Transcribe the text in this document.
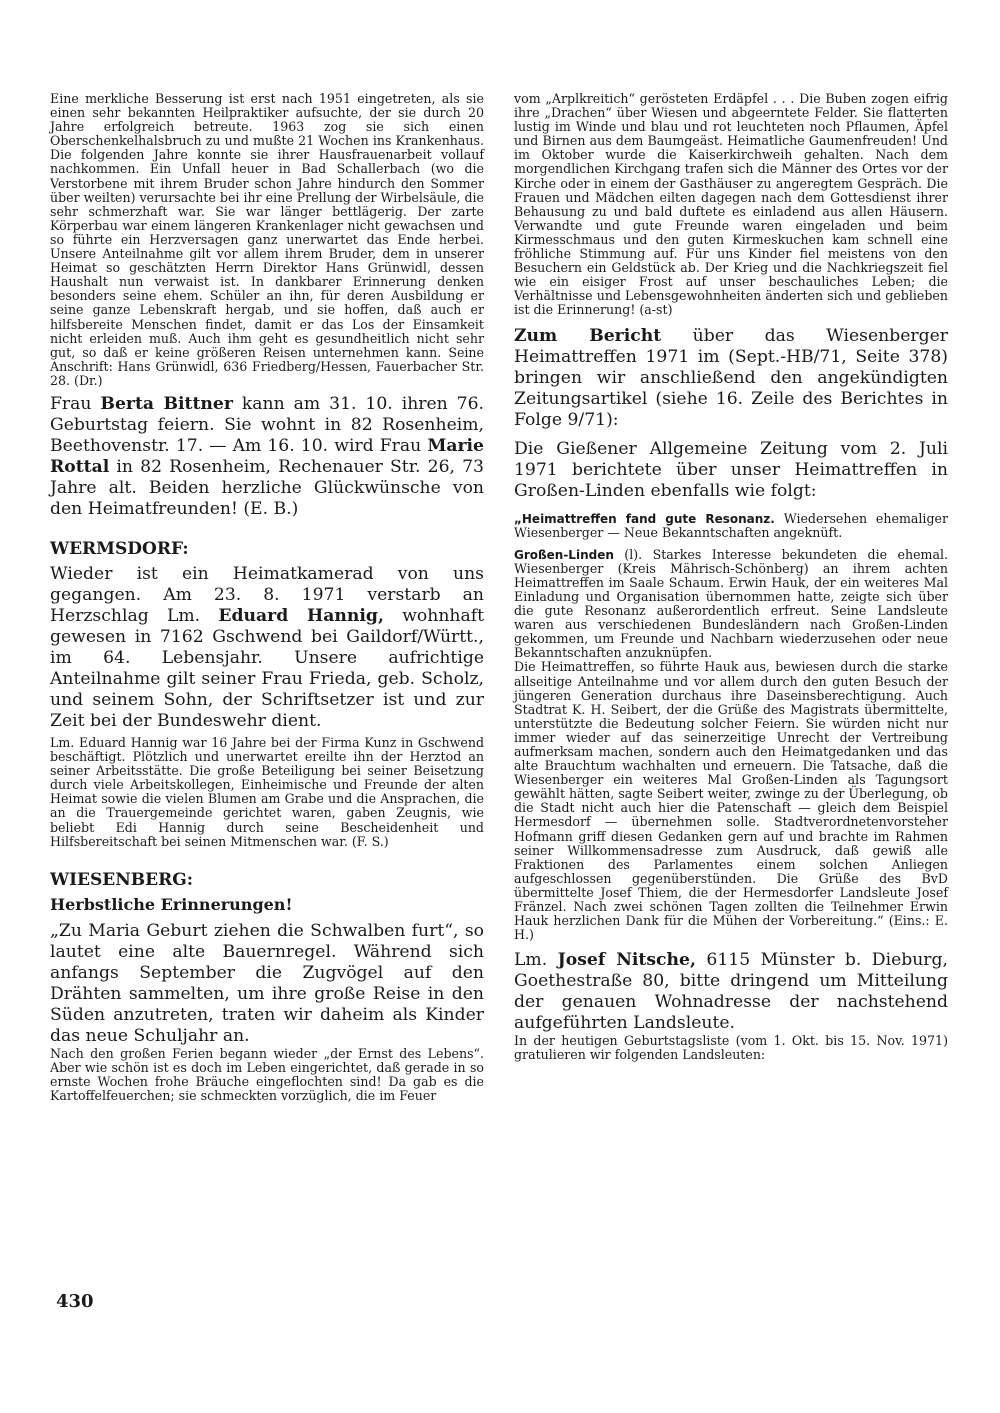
Eine merkliche Besserung ist erst nach 1951 eingetreten, als sie einen sehr bekannten Heilpraktiker aufsuchte, der sie durch 20 Jahre erfolgreich betreute. 1963 zog sie sich einen Oberschenkelhalsbruch zu und mußte 21 Wochen ins Krankenhaus. Die folgenden Jahre konnte sie ihrer Hausfrauenarbeit vollauf nachkommen. Ein Unfall heuer in Bad Schallerbach (wo die Verstorbene mit ihrem Bruder schon Jahre hindurch den Sommer über weilten) verursachte bei ihr eine Prellung der Wirbelsäule, die sehr schmerzhaft war. Sie war länger bettlägerig. Der zarte Körperbau war einem längeren Krankenlager nicht gewachsen und so führte ein Herzversagen ganz unerwartet das Ende herbei. Unsere Anteilnahme gilt vor allem ihrem Bruder, dem in unserer Heimat so geschätzten Herrn Direktor Hans Grünwidl, dessen Haushalt nun verwaist ist. In dankbarer Erinnerung denken besonders seine ehem. Schüler an ihn, für deren Ausbildung er seine ganze Lebenskraft hergab, und sie hoffen, daß auch er hilfsbereite Menschen findet, damit er das Los der Einsamkeit nicht erleiden muß. Auch ihm geht es gesundheitlich nicht sehr gut, so daß er keine größeren Reisen unternehmen kann. Seine Anschrift: Hans Grünwidl, 636 Friedberg/Hessen, Fauerbacher Str. 28. (Dr.)

Frau Berta Bittner kann am 31. 10. ihren 76. Geburtstag feiern. Sie wohnt in 82 Rosenheim, Beethovenstr. 17. — Am 16. 10. wird Frau Marie Rottal in 82 Rosenheim, Rechenauer Str. 26, 73 Jahre alt. Beiden herzliche Glückwünsche von den Heimatfreunden! (E. B.)

WERMSDORF:

Wieder ist ein Heimatkamerad von uns gegangen. Am 23. 8. 1971 verstarb an Herzschlag Lm. Eduard Hannig, wohnhaft gewesen in 7162 Gschwend bei Gaildorf/Württ., im 64. Lebensjahr. Unsere aufrichtige Anteilnahme gilt seiner Frau Frieda, geb. Scholz, und seinem Sohn, der Schriftsetzer ist und zur Zeit bei der Bundeswehr dient.

Lm. Eduard Hannig war 16 Jahre bei der Firma Kunz in Gschwend beschäftigt. Plötzlich und unerwartet ereilte ihn der Herztod an seiner Arbeitsstätte. Die große Beteiligung bei seiner Beisetzung durch viele Arbeitskollegen, Einheimische und Freunde der alten Heimat sowie die vielen Blumen am Grabe und die Ansprachen, die an die Trauergemeinde gerichtet waren, gaben Zeugnis, wie beliebt Edi Hannig durch seine Bescheidenheit und Hilfsbereitschaft bei seinen Mitmenschen war. (F. S.)

WIESENBERG:
Herbstliche Erinnerungen!

„Zu Maria Geburt ziehen die Schwalben furt“, so lautet eine alte Bauernregel. Während sich anfangs September die Zugvögel auf den Drähten sammelten, um ihre große Reise in den Süden anzutreten, traten wir daheim als Kinder das neue Schuljahr an.

Nach den großen Ferien begann wieder „der Ernst des Lebens“. Aber wie schön ist es doch im Leben eingerichtet, daß gerade in so ernste Wochen frohe Bräuche eingeflochten sind! Da gab es die Kartoffelfeuerchen; sie schmeckten vorzüglich, die im Feuer

vom „Arplkreitich“ gerösteten Erdäpfel . . . Die Buben zogen eifrig ihre „Drachen“ über Wiesen und abgeerntete Felder. Sie flatterten lustig im Winde und blau und rot leuchteten noch Pflaumen, Äpfel und Birnen aus dem Baumgeäst. Heimatliche Gaumenfreuden! Und im Oktober wurde die Kaiserkirchweih gehalten. Nach dem morgendlichen Kirchgang trafen sich die Männer des Ortes vor der Kirche oder in einem der Gasthäuser zu angeregtem Gespräch. Die Frauen und Mädchen eilten dagegen nach dem Gottesdienst ihrer Behausung zu und bald duftete es einladend aus allen Häusern. Verwandte und gute Freunde waren eingeladen und beim Kirmesschmaus und den guten Kirmeskuchen kam schnell eine fröhliche Stimmung auf. Für uns Kinder fiel meistens von den Besuchern ein Geldstück ab. Der Krieg und die Nachkriegszeit fiel wie ein eisiger Frost auf unser beschauliches Leben; die Verhältnisse und Lebensgewohnheiten änderten sich und geblieben ist die Erinnerung! (a-st)

Zum Bericht über das Wiesenberger Heimattreffen 1971 im (Sept.-HB/71, Seite 378) bringen wir anschließend den angekündigten Zeitungsartikel (siehe 16. Zeile des Berichtes in Folge 9/71):

Die Gießener Allgemeine Zeitung vom 2. Juli 1971 berichtete über unser Heimattreffen in Großen-Linden ebenfalls wie folgt:

„Heimattreffen fand gute Resonanz. Wiedersehen ehemaliger Wiesenberger — Neue Bekanntschaften angeknüft.

Großen-Linden (l). Starkes Interesse bekundeten die ehemal. Wiesenberger (Kreis Mährisch-Schönberg) an ihrem achten Heimattreffen im Saale Schaum. Erwin Hauk, der ein weiteres Mal Einladung und Organisation übernommen hatte, zeigte sich über die gute Resonanz außerordentlich erfreut. Seine Landsleute waren aus verschiedenen Bundesländern nach Großen-Linden gekommen, um Freunde und Nachbarn wiederzusehen oder neue Bekanntschaften anzuknüpfen.

Die Heimattreffen, so führte Hauk aus, bewiesen durch die starke allseitige Anteilnahme und vor allem durch den guten Besuch der jüngeren Generation durchaus ihre Daseinsberechtigung. Auch Stadtrat K. H. Seibert, der die Grüße des Magistrats übermittelte, unterstützte die Bedeutung solcher Feiern. Sie würden nicht nur immer wieder auf das seinerzeitige Unrecht der Vertreibung aufmerksam machen, sondern auch den Heimatgedanken und das alte Brauchtum wachhalten und erneuern. Die Tatsache, daß die Wiesenberger ein weiteres Mal Großen-Linden als Tagungsort gewählt hätten, sagte Seibert weiter, zwinge zu der Überlegung, ob die Stadt nicht auch hier die Patenschaft — gleich dem Beispiel Hermesdorf — übernehmen solle. Stadtverordnetenvorsteher Hofmann griff diesen Gedanken gern auf und brachte im Rahmen seiner Willkommensadresse zum Ausdruck, daß gewiß alle Fraktionen des Parlamentes einem solchen Anliegen aufgeschlossen gegenüberstünden. Die Grüße des BvD übermittelte Josef Thiem, die der Hermesdorfer Landsleute Josef Fränzel. Nach zwei schönen Tagen zollten die Teilnehmer Erwin Hauk herzlichen Dank für die Mühen der Vorbereitung.“ (Eins.: E. H.)

Lm. Josef Nitsche, 6115 Münster b. Dieburg, Goethestraße 80, bitte dringend um Mitteilung der genauen Wohnadresse der nachstehend aufgeführten Landsleute.

In der heutigen Geburtstagsliste (vom 1. Okt. bis 15. Nov. 1971) gratulieren wir folgenden Landsleuten:

430
